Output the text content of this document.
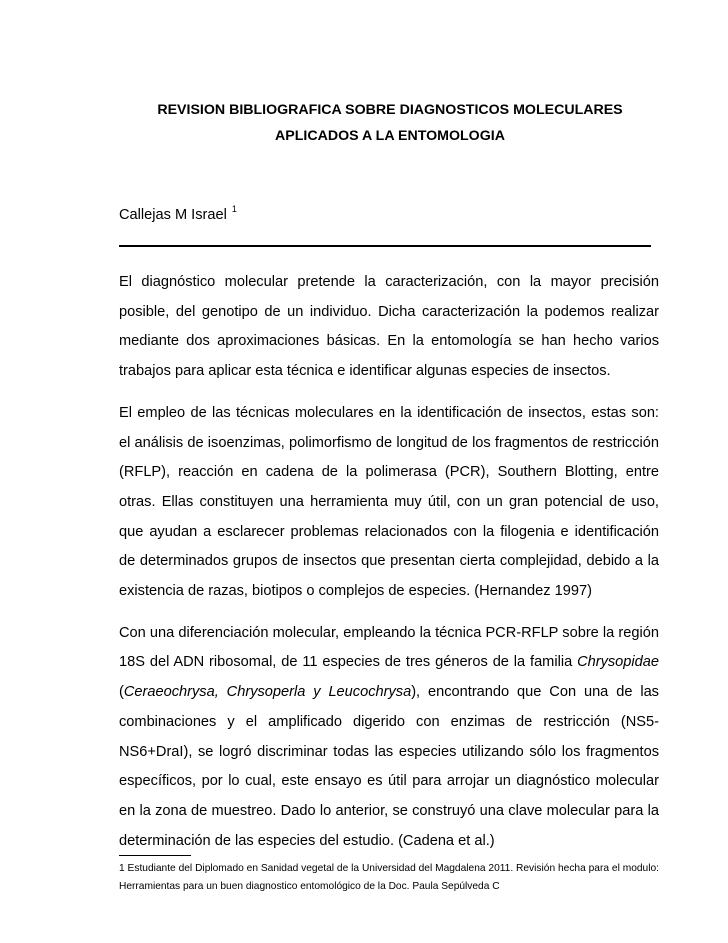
REVISION BIBLIOGRAFICA SOBRE DIAGNOSTICOS MOLECULARES
APLICADOS A LA ENTOMOLOGIA
Callejas M Israel $^1$

El diagnóstico molecular pretende la caracterización, con la mayor precisión posible, del genotipo de un individuo. Dicha caracterización la podemos realizar mediante dos aproximaciones básicas. En la entomología se han hecho varios trabajos para aplicar esta técnica e identificar algunas especies de insectos.

El empleo de las técnicas moleculares en la identificación de insectos, estas son: el análisis de isoenzimas, polimorfismo de longitud de los fragmentos de restricción (RFLP), reacción en cadena de la polimerasa (PCR), Southern Blotting, entre otras. Ellas constituyen una herramienta muy útil, con un gran potencial de uso, que ayudan a esclarecer problemas relacionados con la filogenia e identificación de determinados grupos de insectos que presentan cierta complejidad, debido a la existencia de razas, biotipos o complejos de especies. (Hernandez 1997)

Con una diferenciación molecular, empleando la técnica PCR-RFLP sobre la región 18S del ADN ribosomal, de 11 especies de tres géneros de la familia Chrysopidae (Ceraeochrysa, Chrysoperla y Leucochrysa), encontrando que Con una de las combinaciones y el amplificado digerido con enzimas de restricción (NS5-NS6+DraI), se logró discriminar todas las especies utilizando sólo los fragmentos específicos, por lo cual, este ensayo es útil para arrojar un diagnóstico molecular en la zona de muestreo. Dado lo anterior, se construyó una clave molecular para la determinación de las especies del estudio. (Cadena et al.)

1 Estudiante del Diplomado en Sanidad vegetal de la Universidad del Magdalena 2011. Revisión hecha para el modulo: Herramientas para un buen diagnostico entomológico de la Doc. Paula Sepúlveda C
